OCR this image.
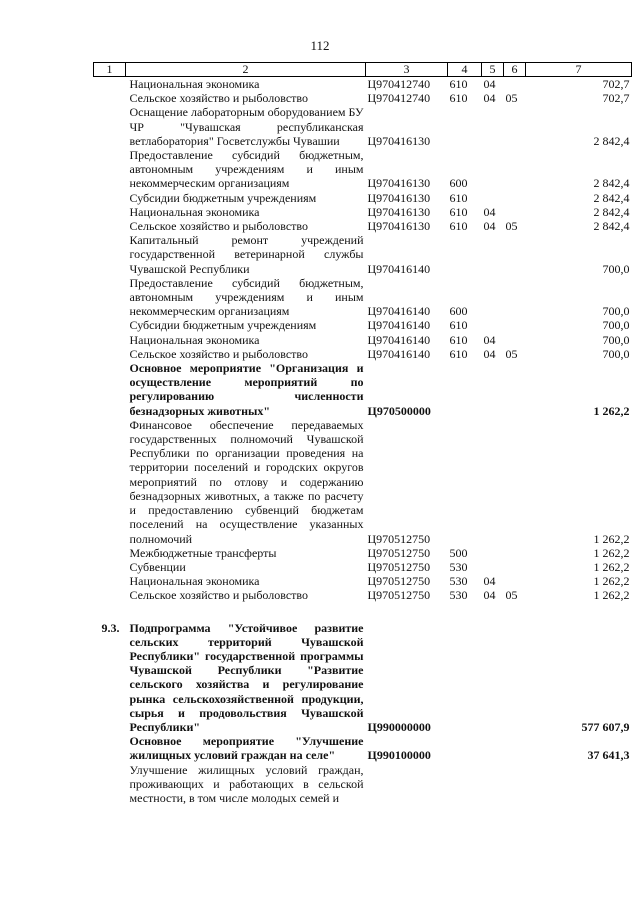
112
1	2	3	4	5	6	7
	Национальная экономика	Ц970412740	610	04		702,7
	Сельское хозяйство и рыболовство	Ц970412740	610	04	05	702,7
	Оснащение лабораторным оборудованием БУ ЧР "Чувашская республиканская ветлаборатория" Госветслужбы Чувашии	Ц970416130				2 842,4
	Предоставление субсидий бюджетным, автономным учреждениям и иным некоммерческим организациям	Ц970416130	600			2 842,4
	Субсидии бюджетным учреждениям	Ц970416130	610			2 842,4
	Национальная экономика	Ц970416130	610	04		2 842,4
	Сельское хозяйство и рыболовство	Ц970416130	610	04	05	2 842,4
	Капитальный ремонт учреждений государственной ветеринарной службы Чувашской Республики	Ц970416140				700,0
	Предоставление субсидий бюджетным, автономным учреждениям и иным некоммерческим организациям	Ц970416140	600			700,0
	Субсидии бюджетным учреждениям	Ц970416140	610			700,0
	Национальная экономика	Ц970416140	610	04		700,0
	Сельское хозяйство и рыболовство	Ц970416140	610	04	05	700,0
	Основное мероприятие "Организация и осуществление мероприятий по регулированию численности безнадзорных животных"	Ц970500000				1 262,2
	Финансовое обеспечение передаваемых государственных полномочий Чувашской Республики по организации проведения на территории поселений и городских округов мероприятий по отлову и содержанию безнадзорных животных, а также по расчету и предоставлению субвенций бюджетам поселений на осуществление указанных полномочий	Ц970512750				1 262,2
	Межбюджетные трансферты	Ц970512750	500			1 262,2
	Субвенции	Ц970512750	530			1 262,2
	Национальная экономика	Ц970512750	530	04		1 262,2
	Сельское хозяйство и рыболовство	Ц970512750	530	04	05	1 262,2

9.3.	Подпрограмма "Устойчивое развитие сельских территорий Чувашской Республики" государственной программы Чувашской Республики "Развитие сельского хозяйства и регулирование рынка сельскохозяйственной продукции, сырья и продовольствия Чувашской Республики"	Ц990000000				577 607,9
	Основное мероприятие "Улучшение жилищных условий граждан на селе"	Ц990100000				37 641,3
	Улучшение жилищных условий граждан, проживающих и работающих в сельской местности, в том числе молодых семей и					
